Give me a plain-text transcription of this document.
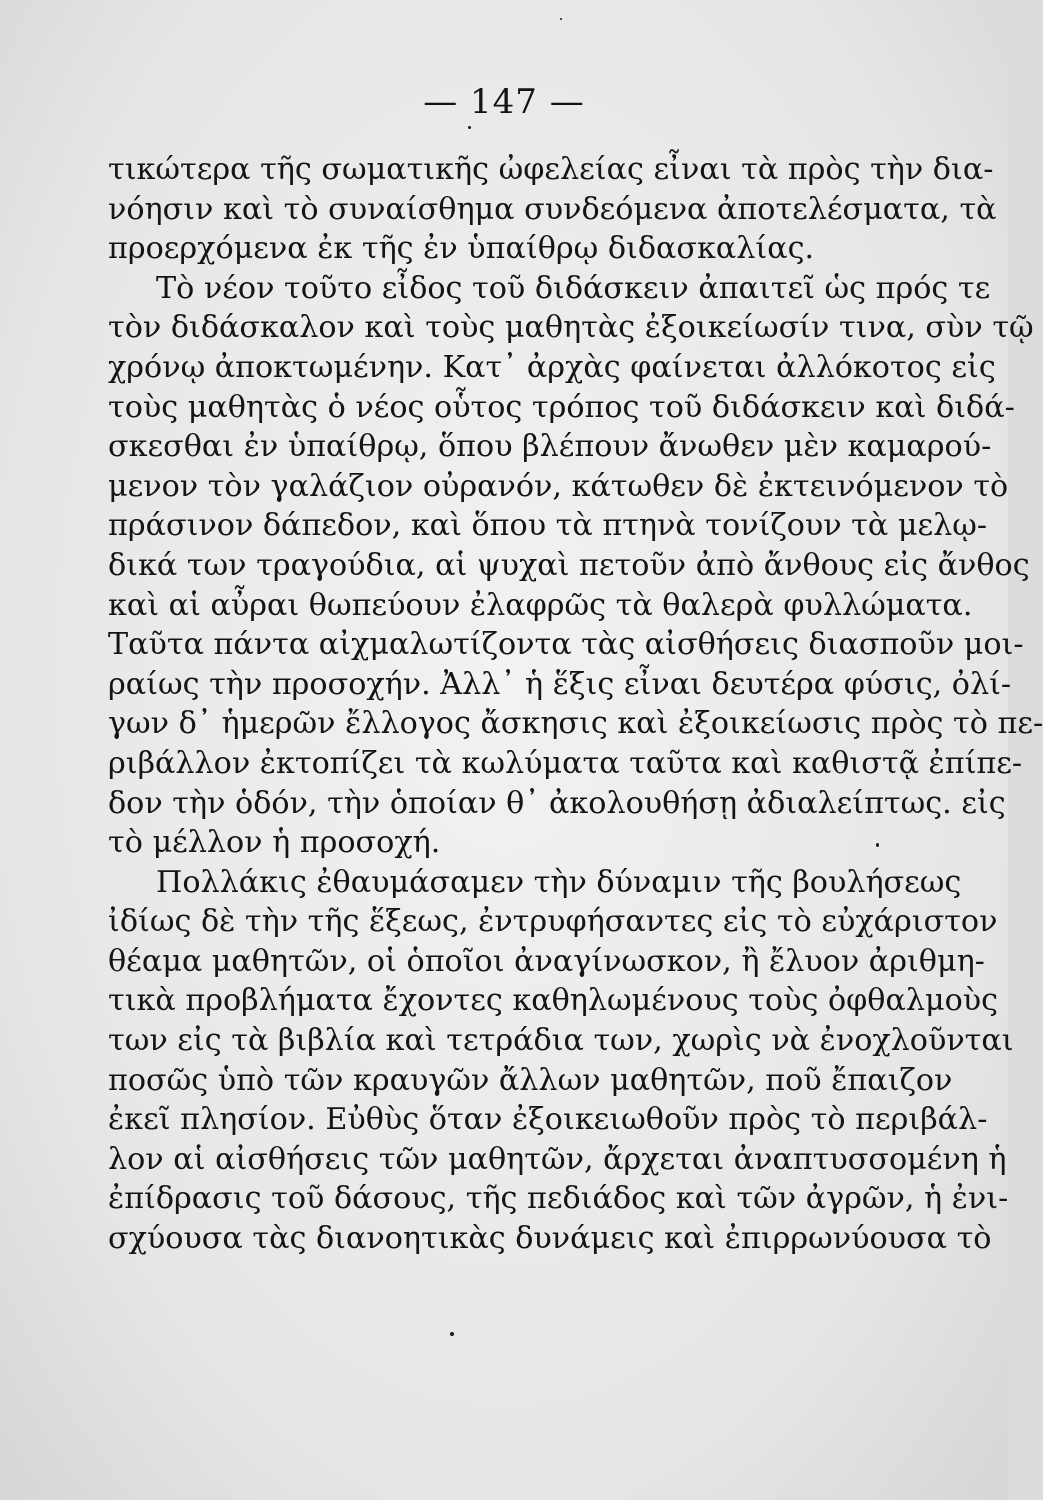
— 147 —
τικώτερα τῆς σωματικῆς ὠφελείας εἶναι τὰ πρὸς τὴν δια-
νόησιν καὶ τὸ συναίσθημα συνδεόμενα ἀποτελέσματα, τὰ
προερχόμενα ἐκ τῆς ἐν ὑπαίθρῳ διδασκαλίας.
Τὸ νέον τοῦτο εἶδος τοῦ διδάσκειν ἀπαιτεῖ ὡς πρός τε
τὸν διδάσκαλον καὶ τοὺς μαθητὰς ἐξοικείωσίν τινα, σὺν τῷ
χρόνῳ ἀποκτωμένην. Κατ᾽ ἀρχὰς φαίνεται ἀλλόκοτος εἰς
τοὺς μαθητὰς ὁ νέος οὗτος τρόπος τοῦ διδάσκειν καὶ διδά-
σκεσθαι ἐν ὑπαίθρῳ, ὅπου βλέπουν ἄνωθεν μὲν καμαρού-
μενον τὸν γαλάζιον οὐρανόν, κάτωθεν δὲ ἐκτεινόμενον τὸ
πράσινον δάπεδον, καὶ ὅπου τὰ πτηνὰ τονίζουν τὰ μελῳ-
δικά των τραγούδια, αἱ ψυχαὶ πετοῦν ἀπὸ ἄνθους εἰς ἄνθος
καὶ αἱ αὖραι θωπεύουν ἐλαφρῶς τὰ θαλερὰ φυλλώματα.
Ταῦτα πάντα αἰχμαλωτίζοντα τὰς αἰσθήσεις διασποῦν μοι-
ραίως τὴν προσοχήν. Ἀλλ᾽ ἡ ἕξις εἶναι δευτέρα φύσις, ὀλί-
γων δ᾽ ἡμερῶν ἔλλογος ἄσκησις καὶ ἐξοικείωσις πρὸς τὸ πε-
ριβάλλον ἐκτοπίζει τὰ κωλύματα ταῦτα καὶ καθιστᾷ ἐπίπε-
δον τὴν ὁδόν, τὴν ὁποίαν θ᾽ ἀκολουθήσῃ ἀδιαλείπτως. εἰς
τὸ μέλλον ἡ προσοχή.
Πολλάκις ἐθαυμάσαμεν τὴν δύναμιν τῆς βουλήσεως
ἰδίως δὲ τὴν τῆς ἕξεως, ἐντρυφήσαντες εἰς τὸ εὐχάριστον
θέαμα μαθητῶν, οἱ ὁποῖοι ἀναγίνωσκον, ἢ ἔλυον ἀριθμη-
τικὰ προβλήματα ἔχοντες καθηλωμένους τοὺς ὀφθαλμοὺς
των εἰς τὰ βιβλία καὶ τετράδια των, χωρὶς νὰ ἐνοχλοῦνται
ποσῶς ὑπὸ τῶν κραυγῶν ἄλλων μαθητῶν, ποῦ ἔπαιζον
ἐκεῖ πλησίον. Εὐθὺς ὅταν ἐξοικειωθοῦν πρὸς τὸ περιβάλ-
λον αἱ αἰσθήσεις τῶν μαθητῶν, ἄρχεται ἀναπτυσσομένη ἡ
ἐπίδρασις τοῦ δάσους, τῆς πεδιάδος καὶ τῶν ἀγρῶν, ἡ ἐνι-
σχύουσα τὰς διανοητικὰς δυνάμεις καὶ ἐπιρρωνύουσα τὸ
